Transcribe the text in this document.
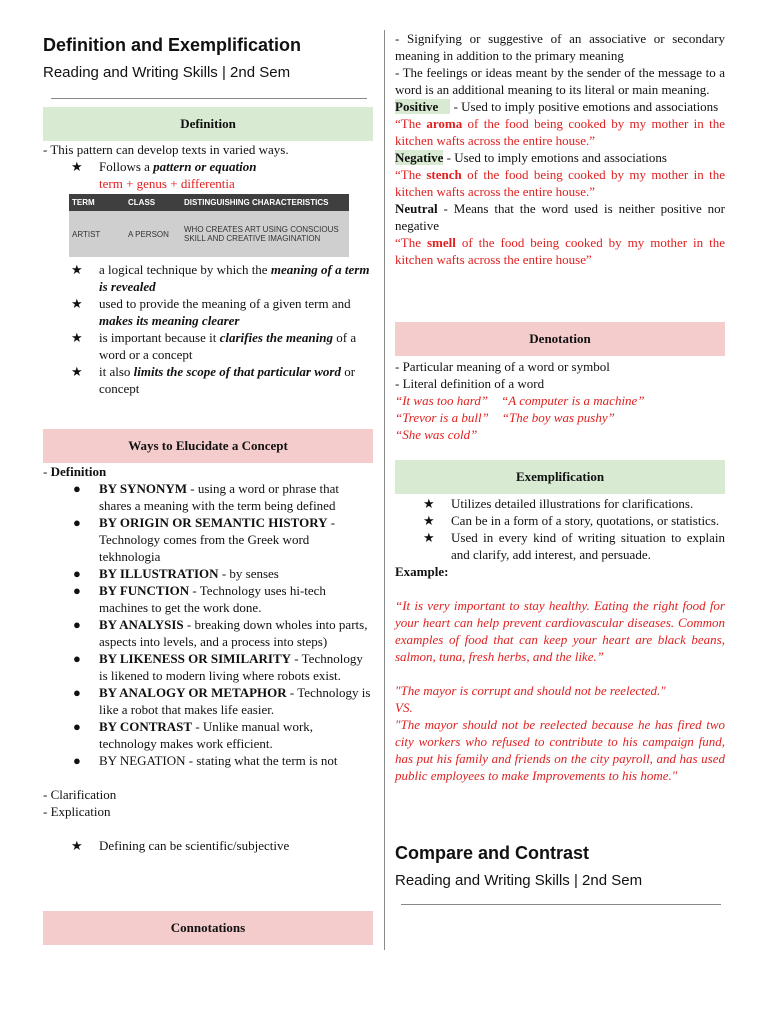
Definition and Exemplification
Reading and Writing Skills | 2nd Sem
Definition

- This pattern can develop texts in varied ways.

★	Follows a pattern or equation
term + genus + differentia
TERM	CLASS	DISTINGUISHING CHARACTERISTICS
ARTIST	A PERSON	WHO CREATES ART USING CONSCIOUS SKILL AND CREATIVE IMAGINATION
★	a logical technique by which the meaning of a term is revealed
★	used to provide the meaning of a given term and makes its meaning clearer
★	is important because it clarifies the meaning of a word or a concept
★	it also limits the scope of that particular word or concept
Ways to Elucidate a Concept

- Definition

●	BY SYNONYM - using a word or phrase that shares a meaning with the term being defined
●	BY ORIGIN OR SEMANTIC HISTORY - Technology comes from the Greek word tekhnologia
●	BY ILLUSTRATION - by senses
●	BY FUNCTION - Technology uses hi-tech machines to get the work done.
●	BY ANALYSIS - breaking down wholes into parts, aspects into levels, and a process into steps)
●	BY LIKENESS OR SIMILARITY - Technology is likened to modern living where robots exist.
●	BY ANALOGY OR METAPHOR - Technology is like a robot that makes life easier.
●	BY CONTRAST - Unlike manual work, technology makes work efficient.
●	BY NEGATION - stating what the term is not

- Clarification

- Explication

★	Defining can be scientific/subjective
Connotations

- Signifying or suggestive of an associative or secondary meaning in addition to the primary meaning

- The feelings or ideas meant by the sender of the message to a word is an additional meaning to its literal or main meaning.

Positive - Used to imply positive emotions and associations

“The aroma of the food being cooked by my mother in the kitchen wafts across the entire house.”

Negative - Used to imply emotions and associations

“The stench of the food being cooked by my mother in the kitchen wafts across the entire house.”

Neutral - Means that the word used is neither positive nor negative

“The smell of the food being cooked by my mother in the kitchen wafts across the entire house”

Denotation

- Particular meaning of a word or symbol

- Literal definition of a word

“It was too hard” “A computer is a machine”

“Trevor is a bull” “The boy was pushy”

“She was cold”

Exemplification
★	Utilizes detailed illustrations for clarifications.
★	Can be in a form of a story, quotations, or statistics.
★	Used in every kind of writing situation to explain and clarify, add interest, and persuade.

Example:

“It is very important to stay healthy. Eating the right food for your heart can help prevent cardiovascular diseases. Common examples of food that can keep your heart are black beans, salmon, tuna, fresh herbs, and the like.”

"The mayor is corrupt and should not be reelected."

VS.

"The mayor should not be reelected because he has fired two city workers who refused to contribute to his campaign fund, has put his family and friends on the city payroll, and has used public employees to make Improvements to his home."

Compare and Contrast
Reading and Writing Skills | 2nd Sem
